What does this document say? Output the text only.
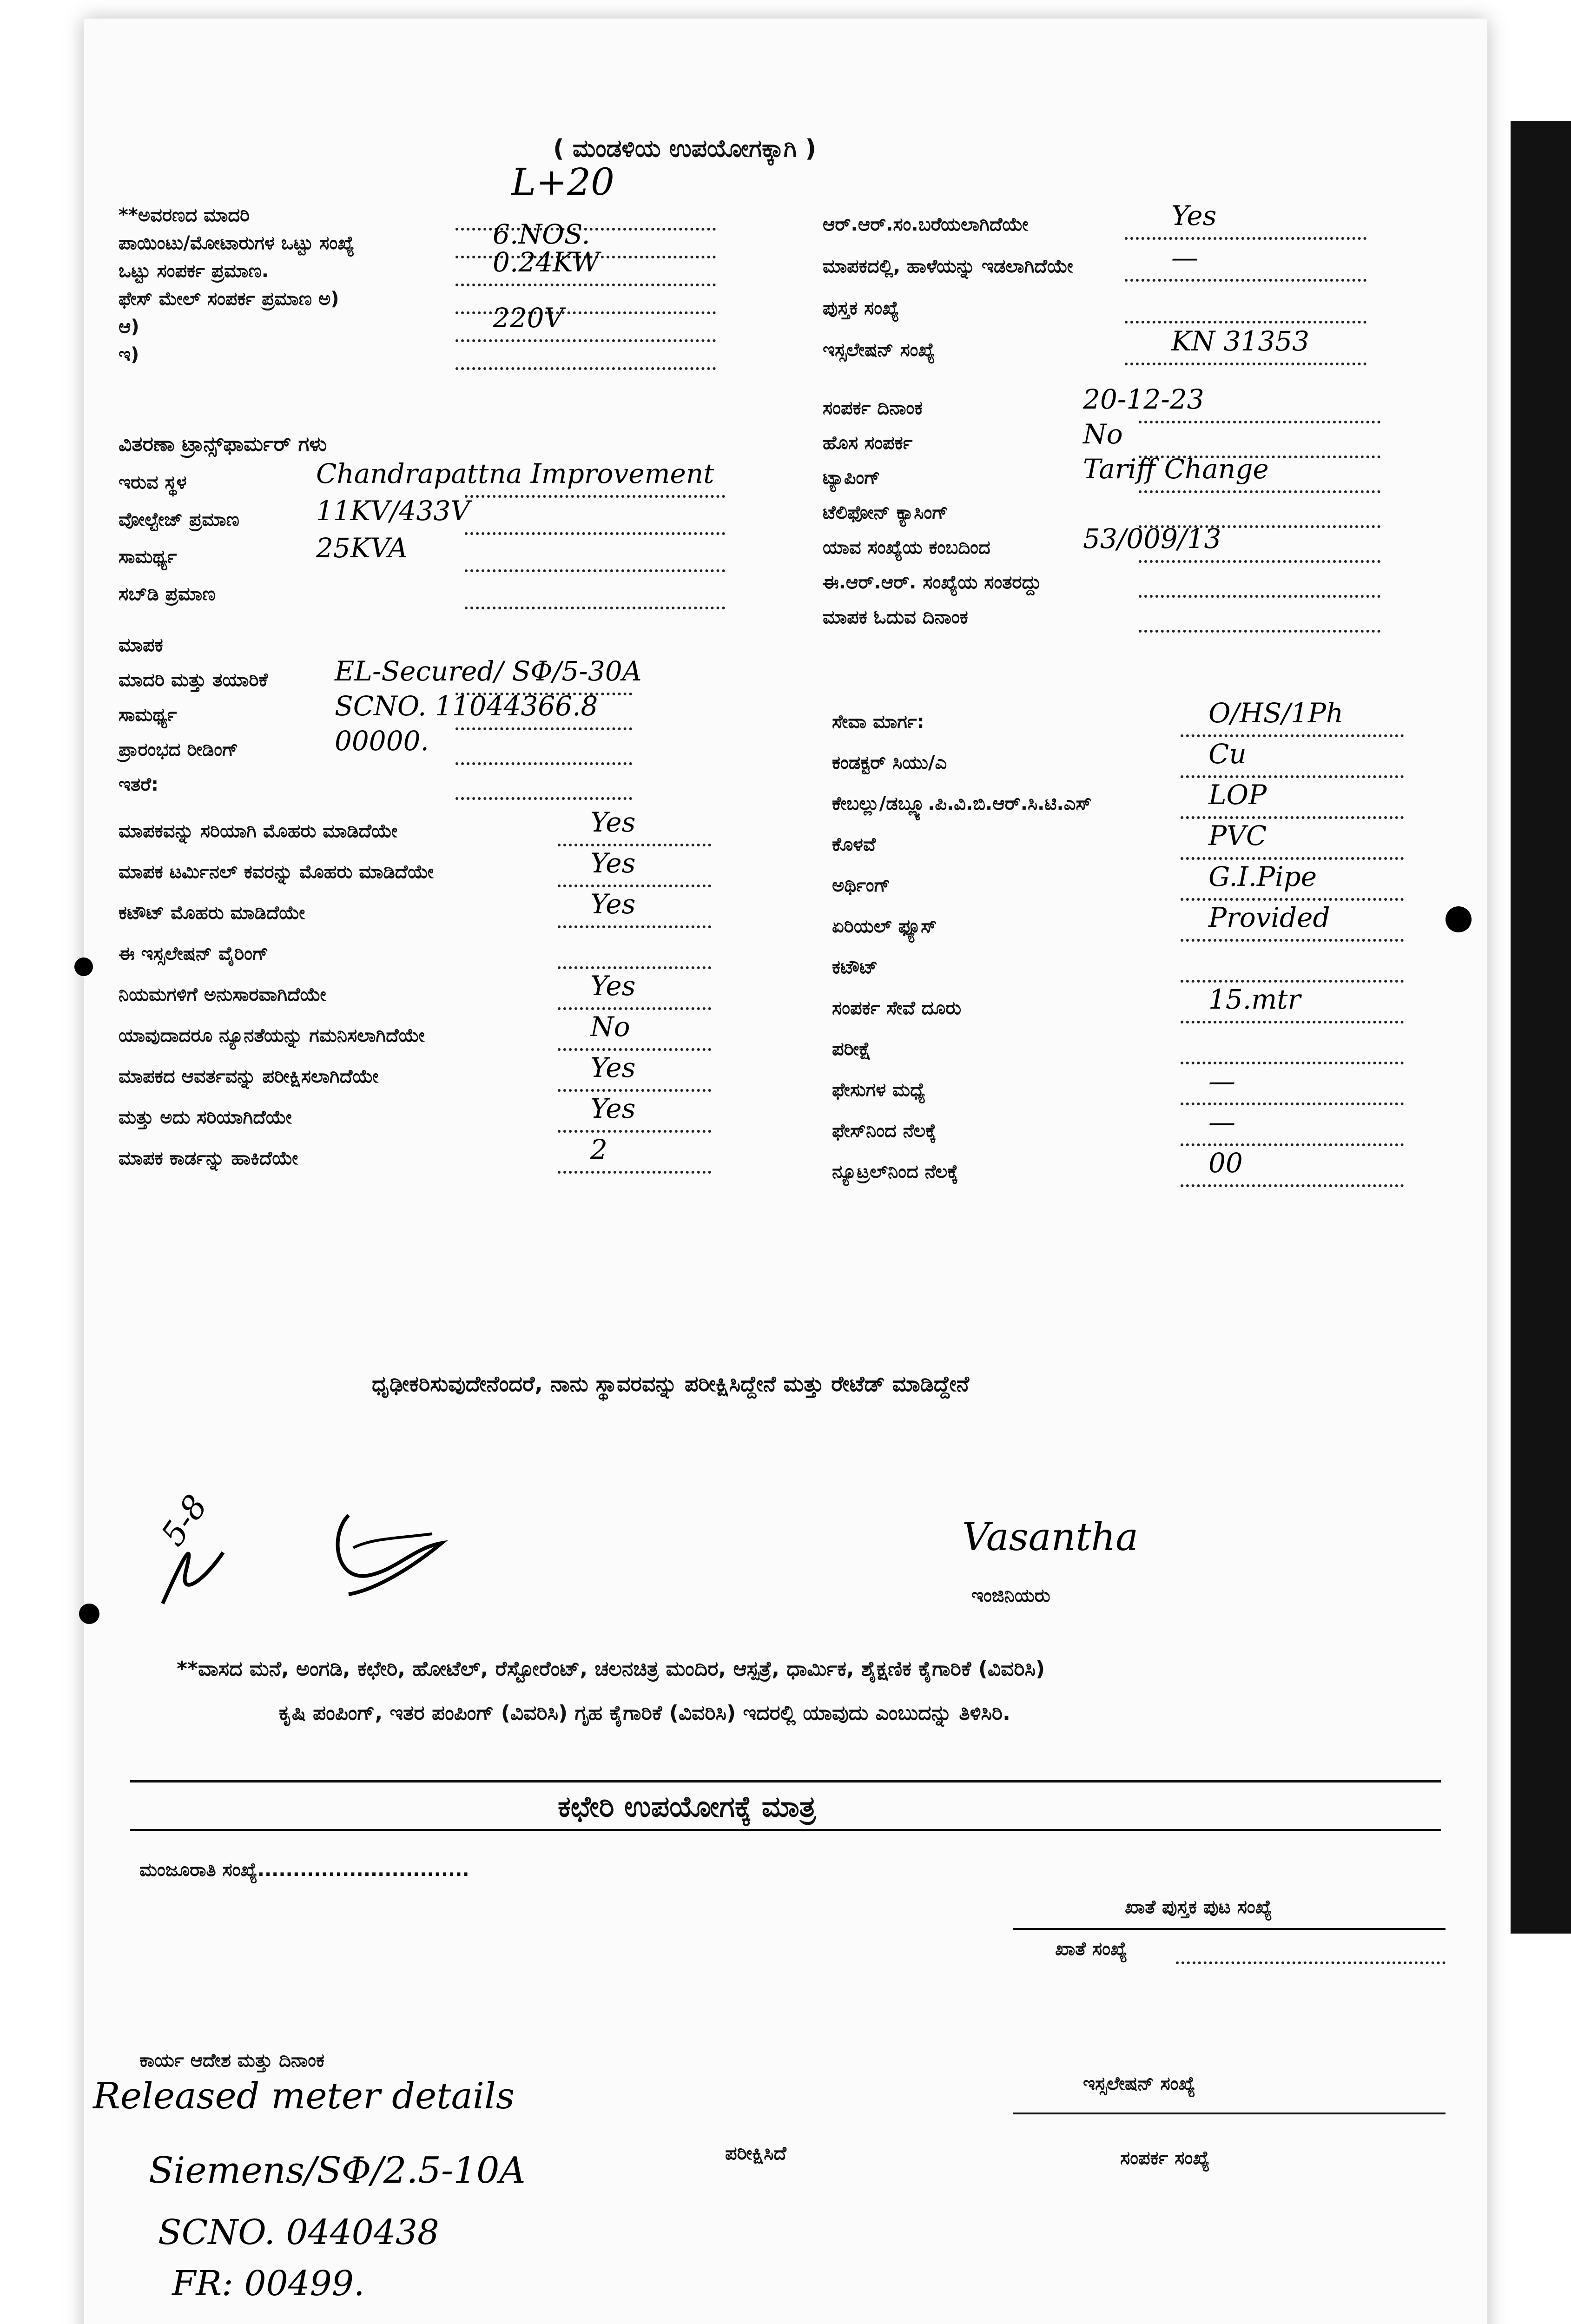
( ಮಂಡಳಿಯ ಉಪಯೋಗಕ್ಕಾಗಿ )
L+20
**ಅವರಣದ ಮಾದರಿ
ಪಾಯಿಂಟು/ಮೋಟಾರುಗಳ ಒಟ್ಟು ಸಂಖ್ಯೆ	6.NOS.
ಒಟ್ಟು ಸಂಪರ್ಕ ಪ್ರಮಾಣ.	0.24KW
ಫೇಸ್ ಮೇಲ್ ಸಂಪರ್ಕ ಪ್ರಮಾಣ ಅ)
ಆ)	220V
ಇ)
ಆರ್.ಆರ್.ಸಂ.ಬರೆಯಲಾಗಿದೆಯೇ	Yes
ಮಾಪಕದಲ್ಲಿ, ಹಾಳೆಯನ್ನು ಇಡಲಾಗಿದೆಯೇ	—
ಪುಸ್ತಕ ಸಂಖ್ಯೆ
ಇಸ್ಸಲೇಷನ್ ಸಂಖ್ಯೆ	KN 31353
ವಿತರಣಾ ಟ್ರಾನ್ಸ್‌ಫಾರ್ಮರ್ ಗಳು
ಇರುವ ಸ್ಥಳ	Chandrapattna Improvement
ವೋಲ್ಟೇಜ್ ಪ್ರಮಾಣ	11KV/433V
ಸಾಮರ್ಥ್ಯ	25KVA
ಸಬ್‌ಡಿ ಪ್ರಮಾಣ
ಸಂಪರ್ಕ ದಿನಾಂಕ	20-12-23
ಹೊಸ ಸಂಪರ್ಕ	No
ಟ್ಯಾಪಿಂಗ್	Tariff Change
ಟೆಲಿಫೋನ್ ಕ್ಯಾಸಿಂಗ್
ಯಾವ ಸಂಖ್ಯೆಯ ಕಂಬದಿಂದ	53/009/13
ಈ.ಆರ್.ಆರ್. ಸಂಖ್ಯೆಯ ಸಂತರದ್ದು
ಮಾಪಕ ಓದುವ ದಿನಾಂಕ
ಮಾಪಕ
ಮಾದರಿ ಮತ್ತು ತಯಾರಿಕೆ EL-Secured/ SΦ/5-30A
ಸಾಮರ್ಥ್ಯ	SCNO. 11044366.8
ಪ್ರಾರಂಭದ ರೀಡಿಂಗ್	00000.
ಇತರೆ:
ಮಾಪಕವನ್ನು ಸರಿಯಾಗಿ ಮೊಹರು ಮಾಡಿದೆಯೇ	Yes
ಮಾಪಕ ಟರ್ಮಿನಲ್ ಕವರನ್ನು ಮೊಹರು ಮಾಡಿದೆಯೇ	Yes
ಕಟೌಟ್ ಮೊಹರು ಮಾಡಿದೆಯೇ	Yes
ಈ ಇಸ್ಸಲೇಷನ್ ವೈರಿಂಗ್
ನಿಯಮಗಳಿಗೆ ಅನುಸಾರವಾಗಿದೆಯೇ	Yes
ಯಾವುದಾದರೂ ನ್ಯೂನತೆಯನ್ನು ಗಮನಿಸಲಾಗಿದೆಯೇ	No
ಮಾಪಕದ ಆವರ್ತವನ್ನು ಪರೀಕ್ಷಿಸಲಾಗಿದೆಯೇ	Yes
ಮತ್ತು ಅದು ಸರಿಯಾಗಿದೆಯೇ	Yes
ಮಾಪಕ ಕಾರ್ಡನ್ನು ಹಾಕಿದೆಯೇ	2
ಸೇವಾ ಮಾರ್ಗ:	O/HS/1Ph
ಕಂಡಕ್ಟರ್ ಸಿಯು/ಎ	Cu
ಕೇಬಲ್ಲು/ಡಬ್ಲ್ಯೂ.ಪಿ.ವಿ.ಬಿ.ಆರ್.ಸಿ.ಟಿ.ಎಸ್	LOP
ಕೊಳವೆ	PVC
ಅರ್ಥಿಂಗ್	G.I.Pipe
ಏರಿಯಲ್ ಫ್ಯೂಸ್	Provided
ಕಟೌಟ್
ಸಂಪರ್ಕ ಸೇವೆ ದೂರು	15.mtr
ಪರೀಕ್ಷೆ
ಫೇಸುಗಳ ಮಧ್ಯೆ	—
ಫೇಸ್‌ನಿಂದ ನೆಲಕ್ಕೆ	—
ನ್ಯೂಟ್ರಲ್‌ನಿಂದ ನೆಲಕ್ಕೆ	00
ಧೃಢೀಕರಿಸುವುದೇನೆಂದರೆ, ನಾನು ಸ್ಥಾವರವನ್ನು ಪರೀಕ್ಷಿಸಿದ್ದೇನೆ ಮತ್ತು ರೇಟೆಡ್ ಮಾಡಿದ್ದೇನೆ
5-8	Vasantha
ಇಂಜಿನಿಯರು
**ವಾಸದ ಮನೆ, ಅಂಗಡಿ, ಕಛೇರಿ, ಹೋಟೆಲ್, ರೆಸ್ಟೋರೆಂಟ್, ಚಲನಚಿತ್ರ ಮಂದಿರ, ಆಸ್ಪತ್ರೆ, ಧಾರ್ಮಿಕ, ಶೈಕ್ಷಣಿಕ ಕೈಗಾರಿಕೆ (ವಿವರಿಸಿ)
ಕೃಷಿ ಪಂಪಿಂಗ್, ಇತರ ಪಂಪಿಂಗ್ (ವಿವರಿಸಿ) ಗೃಹ ಕೈಗಾರಿಕೆ (ವಿವರಿಸಿ) ಇದರಲ್ಲಿ ಯಾವುದು ಎಂಬುದನ್ನು ತಿಳಿಸಿರಿ.
ಕಛೇರಿ ಉಪಯೋಗಕ್ಕೆ ಮಾತ್ರ
ಮಂಜೂರಾತಿ ಸಂಖ್ಯೆ..............................
ಖಾತೆ ಪುಸ್ತಕ ಪುಟ ಸಂಖ್ಯೆ
ಖಾತೆ ಸಂಖ್ಯೆ
ಕಾರ್ಯ ಆದೇಶ ಮತ್ತು ದಿನಾಂಕ
ಇಸ್ಸಲೇಷನ್ ಸಂಖ್ಯೆ
ಪರೀಕ್ಷಿಸಿದೆ	ಸಂಪರ್ಕ ಸಂಖ್ಯೆ
Released meter details
Siemens/SΦ/2.5-10A
SCNO. 0440438
FR: 00499.
